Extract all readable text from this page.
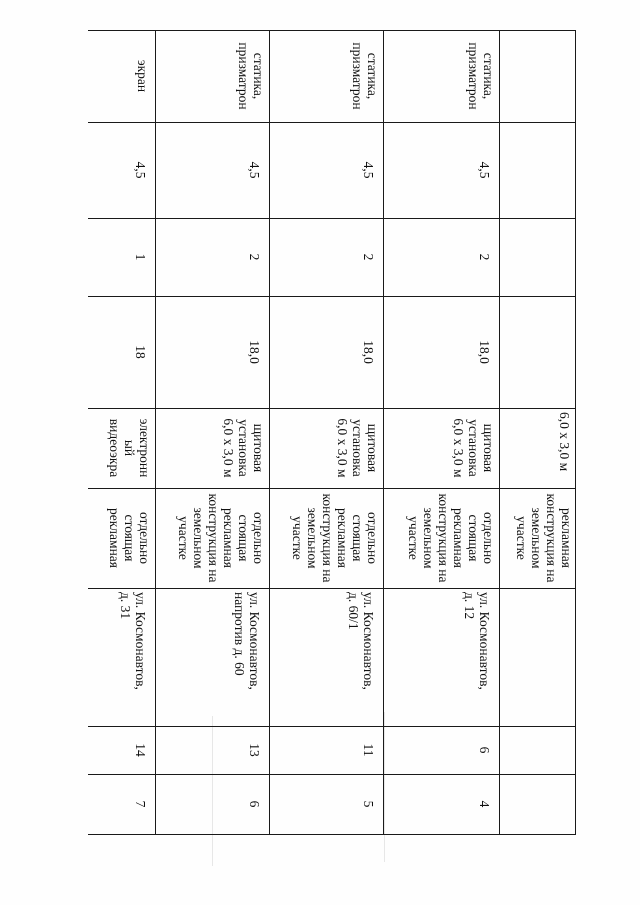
рекламная
конструкция на
земельном
участке
6,0 х 3,0 м
статика,
призматрон
4,5
2
18,0
щитовая
установка
6,0 х 3,0 м
отдельно
стоящая
рекламная
конструкция на
земельном
участке
ул. Космонавтов,
д. 12
6
4
статика,
призматрон
4,5
2
18,0
щитовая
установка
6,0 х 3,0 м
отдельно
стоящая
рекламная
конструкция на
земельном
участке
ул. Космонавтов,
д. 60/1
11
5
статика,
призматрон
4,5
2
18,0
щитовая
установка
6,0 х 3,0 м
отдельно
стоящая
рекламная
конструкция на
земельном
участке
ул. Космонавтов,
напротив д. 60
13
6
экран
4,5
1
18
электронн
ый
видеоэкра
отдельно
стоящая
рекламная
ул. Космонавтов,
д. 31
14
7
